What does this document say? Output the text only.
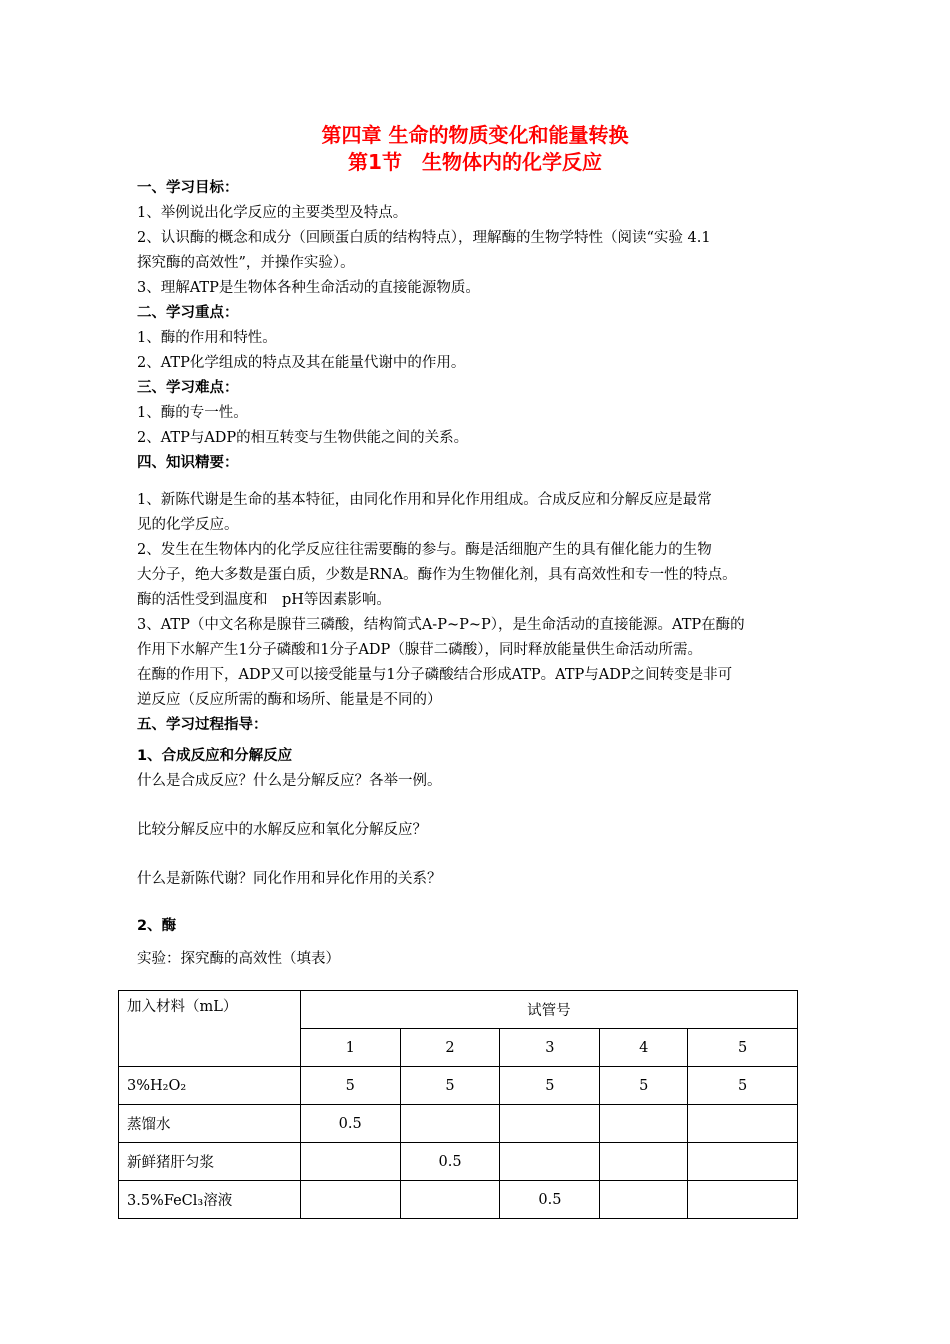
第四章 生命的物质变化和能量转换
第1节　生物体内的化学反应
一、学习目标：
1、举例说出化学反应的主要类型及特点。
2、认识酶的概念和成分（回顾蛋白质的结构特点），理解酶的生物学特性（阅读“实验 4.1
探究酶的高效性”，并操作实验）。
3、理解ATP是生物体各种生命活动的直接能源物质。
二、学习重点：
1、酶的作用和特性。
2、ATP化学组成的特点及其在能量代谢中的作用。
三、学习难点：
1、酶的专一性。
2、ATP与ADP的相互转变与生物供能之间的关系。
四、知识精要：
1、新陈代谢是生命的基本特征，由同化作用和异化作用组成。合成反应和分解反应是最常
见的化学反应。
2、发生在生物体内的化学反应往往需要酶的参与。酶是活细胞产生的具有催化能力的生物
大分子，绝大多数是蛋白质，少数是RNA。酶作为生物催化剂，具有高效性和专一性的特点。
酶的活性受到温度和　pH等因素影响。
3、ATP（中文名称是腺苷三磷酸，结构简式A-P~P~P），是生命活动的直接能源。ATP在酶的
作用下水解产生1分子磷酸和1分子ADP（腺苷二磷酸），同时释放能量供生命活动所需。
在酶的作用下，ADP又可以接受能量与1分子磷酸结合形成ATP。ATP与ADP之间转变是非可
逆反应（反应所需的酶和场所、能量是不同的）
五、学习过程指导：
1、合成反应和分解反应
什么是合成反应？什么是分解反应？各举一例。
比较分解反应中的水解反应和氧化分解反应？
什么是新陈代谢？同化作用和异化作用的关系？
2、酶
实验：探究酶的高效性（填表）
加入材料（mL）	试管号				
	1	2	3	4	5
3%H₂O₂	5	5	5	5	5
蒸馏水	0.5				
新鲜猪肝匀浆		0.5			
3.5%FeCl₃溶液			0.5		
